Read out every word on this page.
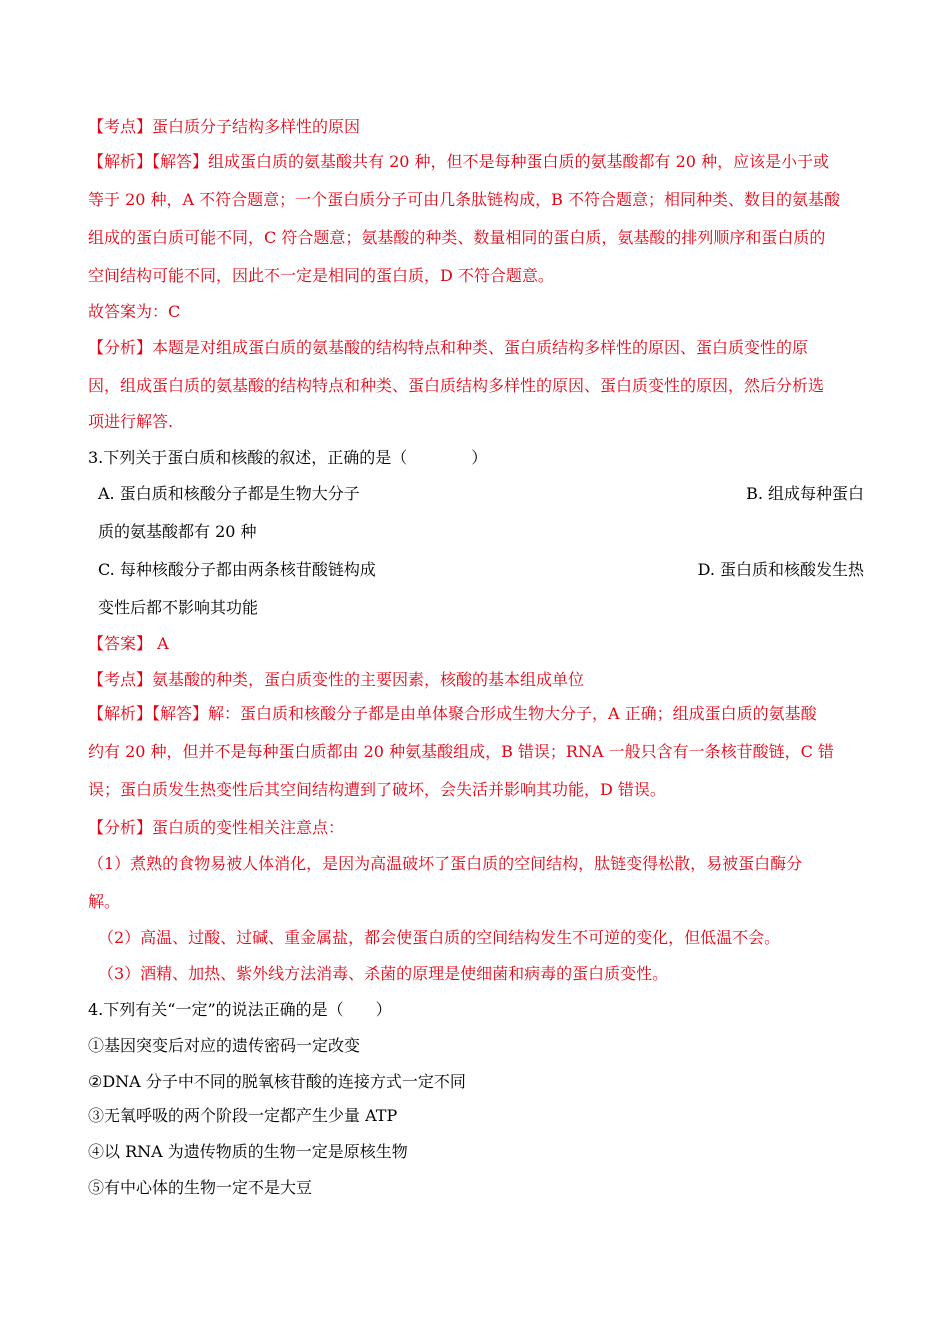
【考点】蛋白质分子结构多样性的原因
【解析】【解答】组成蛋白质的氨基酸共有 20 种，但不是每种蛋白质的氨基酸都有 20 种，应该是小于或
等于 20 种，A 不符合题意；一个蛋白质分子可由几条肽链构成，B 不符合题意；相同种类、数目的氨基酸
组成的蛋白质可能不同，C 符合题意；氨基酸的种类、数量相同的蛋白质，氨基酸的排列顺序和蛋白质的
空间结构可能不同，因此不一定是相同的蛋白质，D 不符合题意。
故答案为：C
【分析】本题是对组成蛋白质的氨基酸的结构特点和种类、蛋白质结构多样性的原因、蛋白质变性的原
因，组成蛋白质的氨基酸的结构特点和种类、蛋白质结构多样性的原因、蛋白质变性的原因，然后分析选
项进行解答.
3.下列关于蛋白质和核酸的叙述，正确的是（　　　　）
A. 蛋白质和核酸分子都是生物大分子	B. 组成每种蛋白
质的氨基酸都有 20 种
C. 每种核酸分子都由两条核苷酸链构成	D. 蛋白质和核酸发生热
变性后都不影响其功能
【答案】 A
【考点】氨基酸的种类，蛋白质变性的主要因素，核酸的基本组成单位
【解析】【解答】解：蛋白质和核酸分子都是由单体聚合形成生物大分子，A 正确；组成蛋白质的氨基酸
约有 20 种，但并不是每种蛋白质都由 20 种氨基酸组成，B 错误；RNA 一般只含有一条核苷酸链，C 错
误；蛋白质发生热变性后其空间结构遭到了破坏，会失活并影响其功能，D 错误。
【分析】蛋白质的变性相关注意点：
（1）煮熟的食物易被人体消化，是因为高温破坏了蛋白质的空间结构，肽链变得松散，易被蛋白酶分
解。
（2）高温、过酸、过碱、重金属盐，都会使蛋白质的空间结构发生不可逆的变化，但低温不会。
（3）酒精、加热、紫外线方法消毒、杀菌的原理是使细菌和病毒的蛋白质变性。
4.下列有关“一定”的说法正确的是（　　）
①基因突变后对应的遗传密码一定改变
②DNA 分子中不同的脱氧核苷酸的连接方式一定不同
③无氧呼吸的两个阶段一定都产生少量 ATP
④以 RNA 为遗传物质的生物一定是原核生物
⑤有中心体的生物一定不是大豆
